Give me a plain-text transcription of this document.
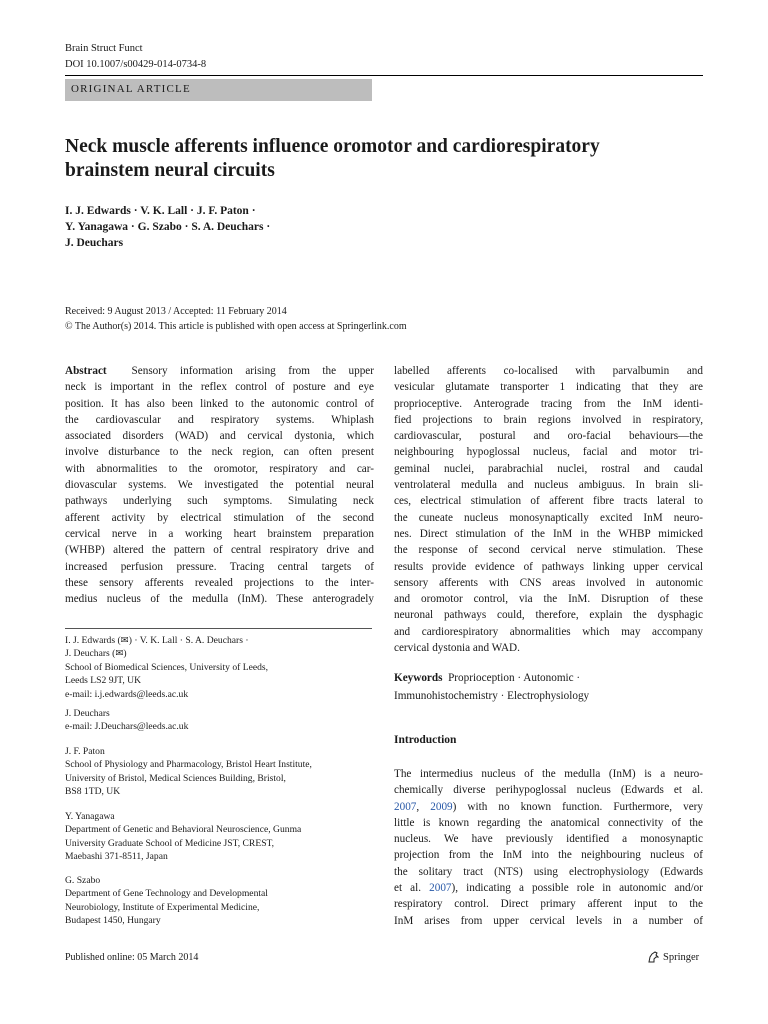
Brain Struct Funct
DOI 10.1007/s00429-014-0734-8
ORIGINAL ARTICLE
Neck muscle afferents influence oromotor and cardiorespiratory
brainstem neural circuits
I. J. Edwards · V. K. Lall · J. F. Paton ·
Y. Yanagawa · G. Szabo · S. A. Deuchars ·
J. Deuchars
Received: 9 August 2013 / Accepted: 11 February 2014
© The Author(s) 2014. This article is published with open access at Springerlink.com
Abstract Sensory information arising from the upper
neck is important in the reflex control of posture and eye
position. It has also been linked to the autonomic control of
the cardiovascular and respiratory systems. Whiplash
associated disorders (WAD) and cervical dystonia, which
involve disturbance to the neck region, can often present
with abnormalities to the oromotor, respiratory and car-
diovascular systems. We investigated the potential neural
pathways underlying such symptoms. Simulating neck
afferent activity by electrical stimulation of the second
cervical nerve in a working heart brainstem preparation
(WHBP) altered the pattern of central respiratory drive and
increased perfusion pressure. Tracing central targets of
these sensory afferents revealed projections to the inter-
medius nucleus of the medulla (InM). These anterogradely
I. J. Edwards (✉) · V. K. Lall · S. A. Deuchars ·
J. Deuchars (✉)
School of Biomedical Sciences, University of Leeds,
Leeds LS2 9JT, UK
e-mail: i.j.edwards@leeds.ac.uk
J. Deuchars
e-mail: J.Deuchars@leeds.ac.uk
J. F. Paton
School of Physiology and Pharmacology, Bristol Heart Institute,
University of Bristol, Medical Sciences Building, Bristol,
BS8 1TD, UK
Y. Yanagawa
Department of Genetic and Behavioral Neuroscience, Gunma
University Graduate School of Medicine JST, CREST,
Maebashi 371-8511, Japan
G. Szabo
Department of Gene Technology and Developmental
Neurobiology, Institute of Experimental Medicine,
Budapest 1450, Hungary
labelled afferents co-localised with parvalbumin and
vesicular glutamate transporter 1 indicating that they are
proprioceptive. Anterograde tracing from the InM identi-
fied projections to brain regions involved in respiratory,
cardiovascular, postural and oro-facial behaviours—the
neighbouring hypoglossal nucleus, facial and motor tri-
geminal nuclei, parabrachial nuclei, rostral and caudal
ventrolateral medulla and nucleus ambiguus. In brain sli-
ces, electrical stimulation of afferent fibre tracts lateral to
the cuneate nucleus monosynaptically excited InM neuro-
nes. Direct stimulation of the InM in the WHBP mimicked
the response of second cervical nerve stimulation. These
results provide evidence of pathways linking upper cervical
sensory afferents with CNS areas involved in autonomic
and oromotor control, via the InM. Disruption of these
neuronal pathways could, therefore, explain the dysphagic
and cardiorespiratory abnormalities which may accompany
cervical dystonia and WAD.
Keywords Proprioception · Autonomic ·
Immunohistochemistry · Electrophysiology
Introduction
The intermedius nucleus of the medulla (InM) is a neuro-
chemically diverse perihypoglossal nucleus (Edwards et al.
2007, 2009) with no known function. Furthermore, very
little is known regarding the anatomical connectivity of the
nucleus. We have previously identified a monosynaptic
projection from the InM into the neighbouring nucleus of
the solitary tract (NTS) using electrophysiology (Edwards
et al. 2007), indicating a possible role in autonomic and/or
respiratory control. Direct primary afferent input to the
InM arises from upper cervical levels in a number of
Published online: 05 March 2014	Springer
